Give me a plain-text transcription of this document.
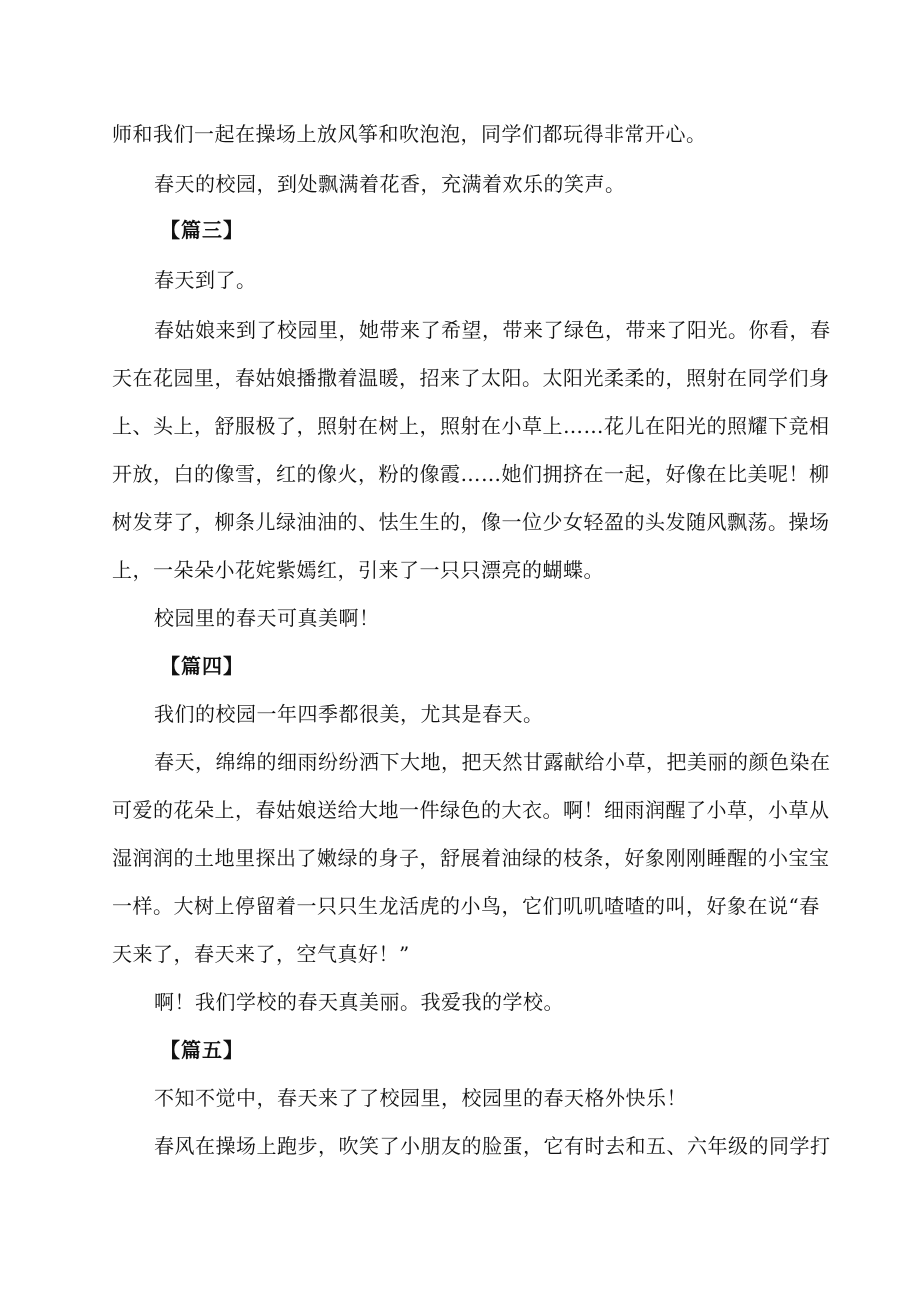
师和我们一起在操场上放风筝和吹泡泡，同学们都玩得非常开心。
春天的校园，到处飘满着花香，充满着欢乐的笑声。
【篇三】
春天到了。
春姑娘来到了校园里，她带来了希望，带来了绿色，带来了阳光。你看，春
天在花园里，春姑娘播撒着温暖，招来了太阳。太阳光柔柔的，照射在同学们身
上、头上，舒服极了，照射在树上，照射在小草上……花儿在阳光的照耀下竞相
开放，白的像雪，红的像火，粉的像霞……她们拥挤在一起，好像在比美呢！柳
树发芽了，柳条儿绿油油的、怯生生的，像一位少女轻盈的头发随风飘荡。操场
上，一朵朵小花姹紫嫣红，引来了一只只漂亮的蝴蝶。
校园里的春天可真美啊！
【篇四】
我们的校园一年四季都很美，尤其是春天。
春天，绵绵的细雨纷纷洒下大地，把天然甘露献给小草，把美丽的颜色染在
可爱的花朵上，春姑娘送给大地一件绿色的大衣。啊！细雨润醒了小草，小草从
湿润润的土地里探出了嫩绿的身子，舒展着油绿的枝条，好象刚刚睡醒的小宝宝
一样。大树上停留着一只只生龙活虎的小鸟，它们叽叽喳喳的叫，好象在说“春
天来了，春天来了，空气真好！”
啊！我们学校的春天真美丽。我爱我的学校。
【篇五】
不知不觉中，春天来了了校园里，校园里的春天格外快乐！
春风在操场上跑步，吹笑了小朋友的脸蛋，它有时去和五、六年级的同学打
